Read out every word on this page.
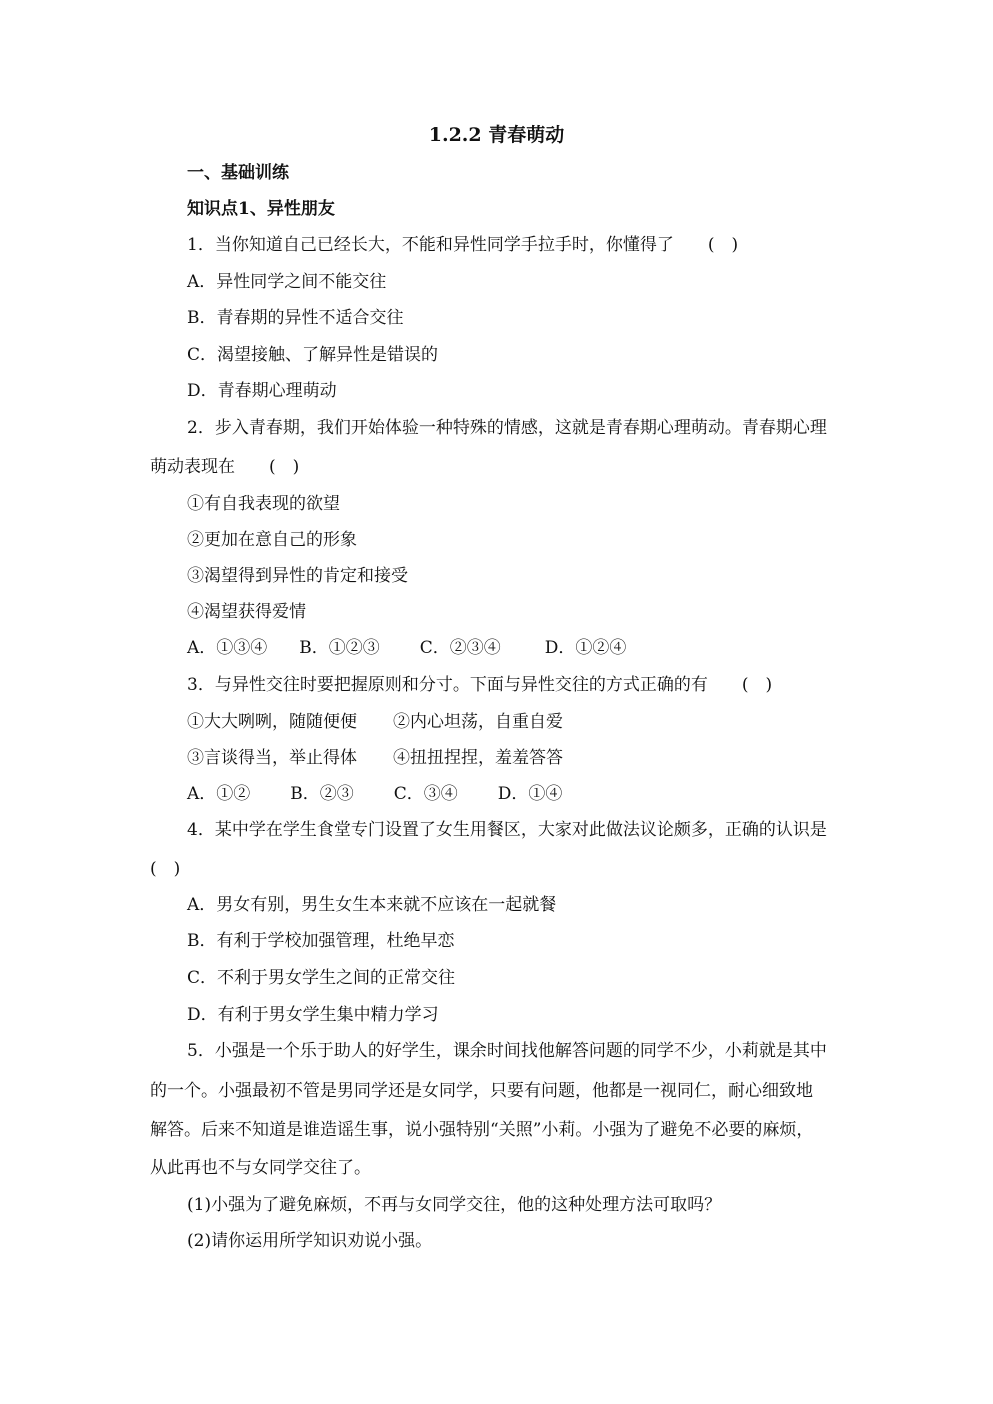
1.2.2 青春萌动
一、基础训练
知识点1、异性朋友
1．当你知道自己已经长大，不能和异性同学手拉手时，你懂得了　　(　)
A．异性同学之间不能交往
B．青春期的异性不适合交往
C．渴望接触、了解异性是错误的
D．青春期心理萌动
2．步入青春期，我们开始体验一种特殊的情感，这就是青春期心理萌动。青春期心理
萌动表现在　　(　)
①有自我表现的欲望
②更加在意自己的形象
③渴望得到异性的肯定和接受
④渴望获得爱情
A．①③④ B．①②③ C．②③④	D．①②④
3．与异性交往时要把握原则和分寸。下面与异性交往的方式正确的有　　(　)
①大大咧咧，随随便便 ②内心坦荡，自重自爱
③言谈得当，举止得体 ④扭扭捏捏，羞羞答答
A．①② B．②③ C．③④ D．①④
4．某中学在学生食堂专门设置了女生用餐区，大家对此做法议论颇多，正确的认识是
(　)
A．男女有别，男生女生本来就不应该在一起就餐
B．有利于学校加强管理，杜绝早恋
C．不利于男女学生之间的正常交往
D．有利于男女学生集中精力学习
5．小强是一个乐于助人的好学生，课余时间找他解答问题的同学不少，小莉就是其中
的一个。小强最初不管是男同学还是女同学，只要有问题，他都是一视同仁，耐心细致地
解答。后来不知道是谁造谣生事，说小强特别“关照”小莉。小强为了避免不必要的麻烦，
从此再也不与女同学交往了。
(1)小强为了避免麻烦，不再与女同学交往，他的这种处理方法可取吗？
(2)请你运用所学知识劝说小强。
